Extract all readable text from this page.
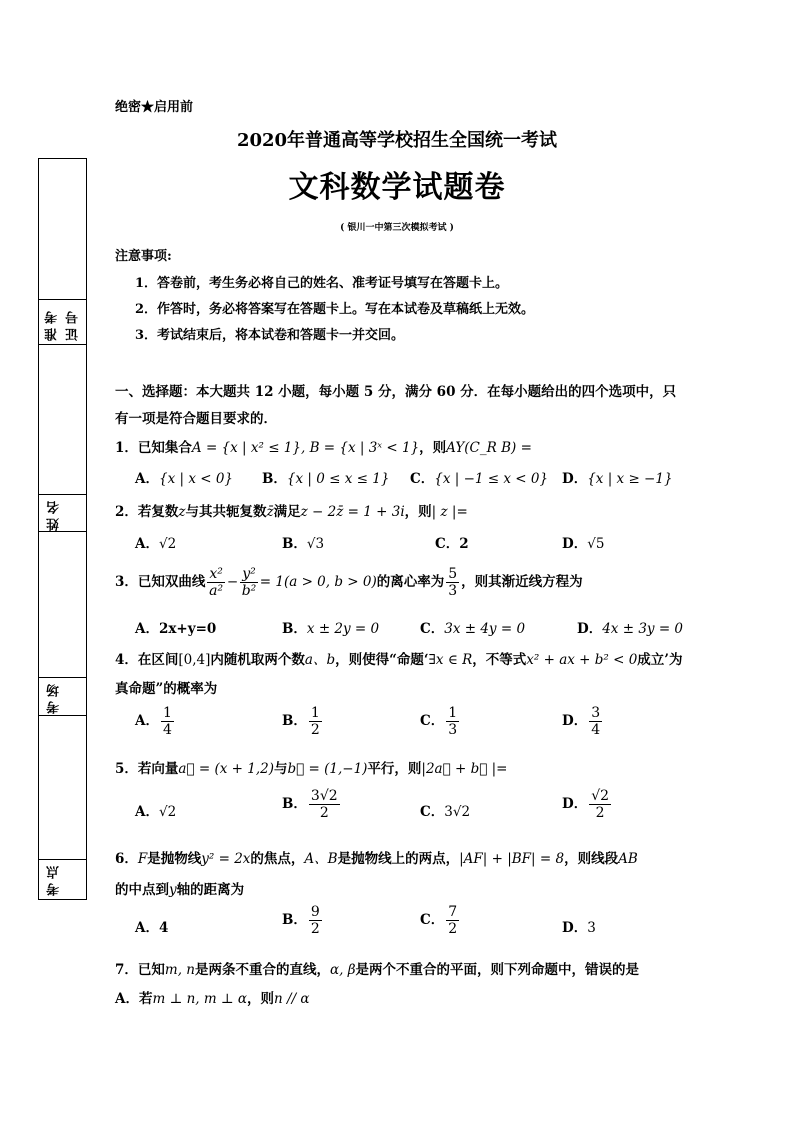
绝密★启用前
2020年普通高等学校招生全国统一考试
文科数学试题卷
( 银川一中第三次模拟考试 )
准考 证号
姓名
考场
考点
注意事项:
1．答卷前，考生务必将自己的姓名、准考证号填写在答题卡上。
2．作答时，务必将答案写在答题卡上。写在本试卷及草稿纸上无效。
3．考试结束后，将本试卷和答题卡一并交回。
一、选择题：本大题共 12 小题，每小题 5 分，满分 60 分．在每小题给出的四个选项中，只
有一项是符合题目要求的．
1．已知集合A = {x | x² ≤ 1}, B = {x | 3ˣ < 1}，则AY(C_R B) =
A．{x | x < 0} B．{x | 0 ≤ x ≤ 1} C．{x | −1 ≤ x < 0} D．{x | x ≥ −1}
2．若复数z与其共轭复数z̄满足z − 2z̄ = 1 + 3i，则| z |=
A．√2	B．√3	C．2	D．√5
3．已知双曲线 $\frac{\text{x²}}{\text{a²}} - \frac{\text{y²}}{\text{b²}} = 1(a > 0$, b > 0)的离心率为 $\frac{5}{3}$ ，则其渐近线方程为
A．2x+y=0	B．x ± 2y = 0	C．3x ± 4y = 0	D．4x ± 3y = 0
4．在区间[0,4]内随机取两个数a、b，则使得“命题‘∃x ∈ R，不等式x² + ax + b² < 0成立’为
真命题”的概率为
A． $\frac{1}{4}$	B． $\frac{1}{2}$	C． $\frac{1}{3}$	D． $\frac{3}{4}$
5．若向量a⃗ = (x + 1,2)与b⃗ = (1,−1)平行，则|2a⃗ + b⃗ |=
A．√2	B． $\frac{3√2}{2}$	C．3√2	D． $\frac{√2}{2}$
6．F是抛物线y² = 2x的焦点，A、B是抛物线上的两点，|AF| + |BF| = 8，则线段AB
的中点到y轴的距离为
A．4	B． $\frac{9}{2}$	C． $\frac{7}{2}$	D．3
7．已知m, n是两条不重合的直线，α, β是两个不重合的平面，则下列命题中，错误的是
A．若m ⊥ n, m ⊥ α，则n // α
